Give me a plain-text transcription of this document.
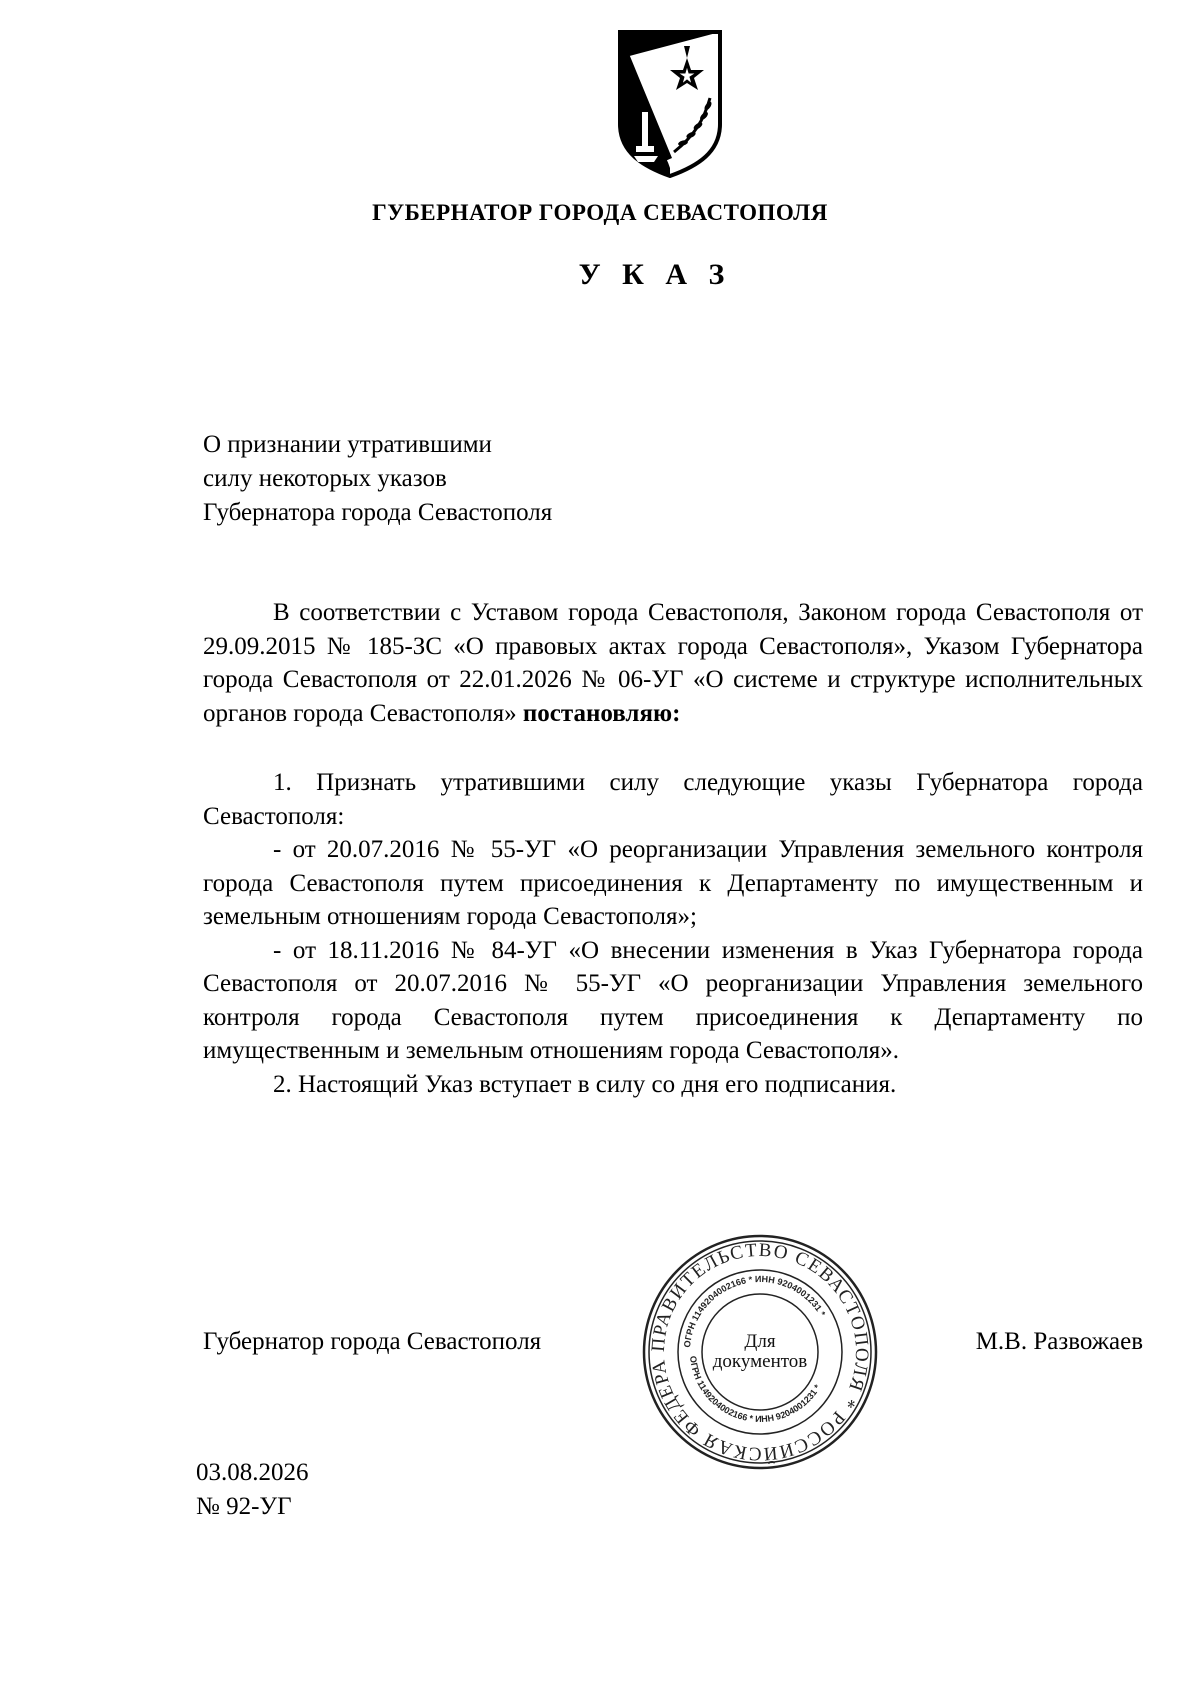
ГУБЕРНАТОР ГОРОДА СЕВАСТОПОЛЯ
У К А З
О признании утратившими
силу некоторых указов
Губернатора города Севастополя

В соответствии с Уставом города Севастополя, Законом города Севастополя от 29.09.2015 № 185-ЗС «О правовых актах города Севастополя», Указом Губернатора города Севастополя от 22.01.2026 № 06-УГ «О системе и структуре исполнительных органов города Севастополя» постановляю:

1. Признать утратившими силу следующие указы Губернатора города Севастополя:

- от 20.07.2016 № 55-УГ «О реорганизации Управления земельного контроля города Севастополя путем присоединения к Департаменту по имущественным и земельным отношениям города Севастополя»;

- от 18.11.2016 № 84-УГ «О внесении изменения в Указ Губернатора города Севастополя от 20.07.2016 № 55-УГ «О реорганизации Управления земельного контроля города Севастополя путем присоединения к Департаменту по имущественным и земельным отношениям города Севастополя».

2. Настоящий Указ вступает в силу со дня его подписания.

Губернатор города Севастополя	М.В. Развожаев
ПРАВИТЕЛЬСТВО СЕВАСТОПОЛЯ * РОССИЙСКАЯ ФЕДЕРА
ОГРН 1149204002166 * ИНН 9204001231 *
ОГРН 1149204002166 * ИНН 9204001231 *
Для
документов
03.08.2026
№ 92-УГ
